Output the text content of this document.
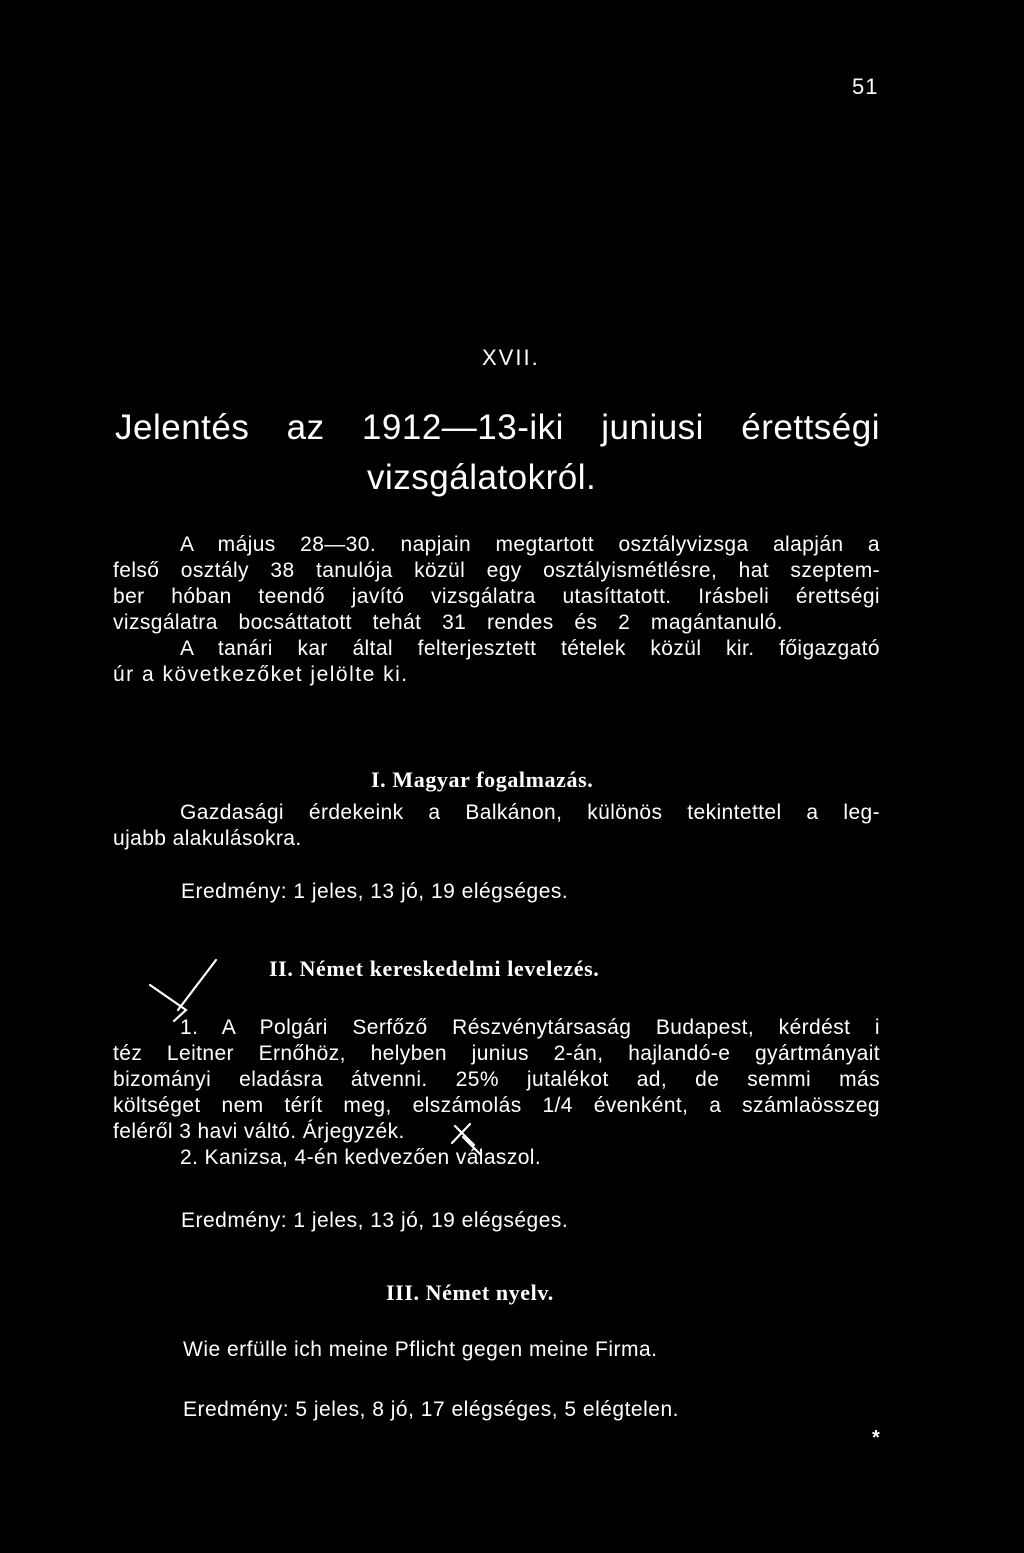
51
XVII.
Jelentés az 1912—13-iki juniusi érettségi
vizsgálatokról.
A május 28—30. napjain megtartott osztályvizsga alapján a
felső osztály 38 tanulója közül egy osztályismétlésre, hat szeptem-
ber hóban teendő javító vizsgálatra utasíttatott. Irásbeli érettségi
vizsgálatra bocsáttatott tehát 31 rendes és 2 magántanuló.
A tanári kar által felterjesztett tételek közül kir. főigazgató
úr a következőket jelölte ki.
I. Magyar fogalmazás.
Gazdasági érdekeink a Balkánon, különös tekintettel a leg-
ujabb alakulásokra.
Eredmény: 1 jeles, 13 jó, 19 elégséges.
II. Német kereskedelmi levelezés.
1. A Polgári Serfőző Részvénytársaság Budapest, kérdést i
téz Leitner Ernőhöz, helyben junius 2-án, hajlandó-e gyártmányait
bizományi eladásra átvenni. 25% jutalékot ad, de semmi más
költséget nem térít meg, elszámolás 1/4 évenként, a számlaösszeg
feléről 3 havi váltó. Árjegyzék.
2. Kanizsa, 4-én kedvezően válaszol.
Eredmény: 1 jeles, 13 jó, 19 elégséges.
III. Német nyelv.
Wie erfülle ich meine Pflicht gegen meine Firma.
Eredmény: 5 jeles, 8 jó, 17 elégséges, 5 elégtelen.
*
